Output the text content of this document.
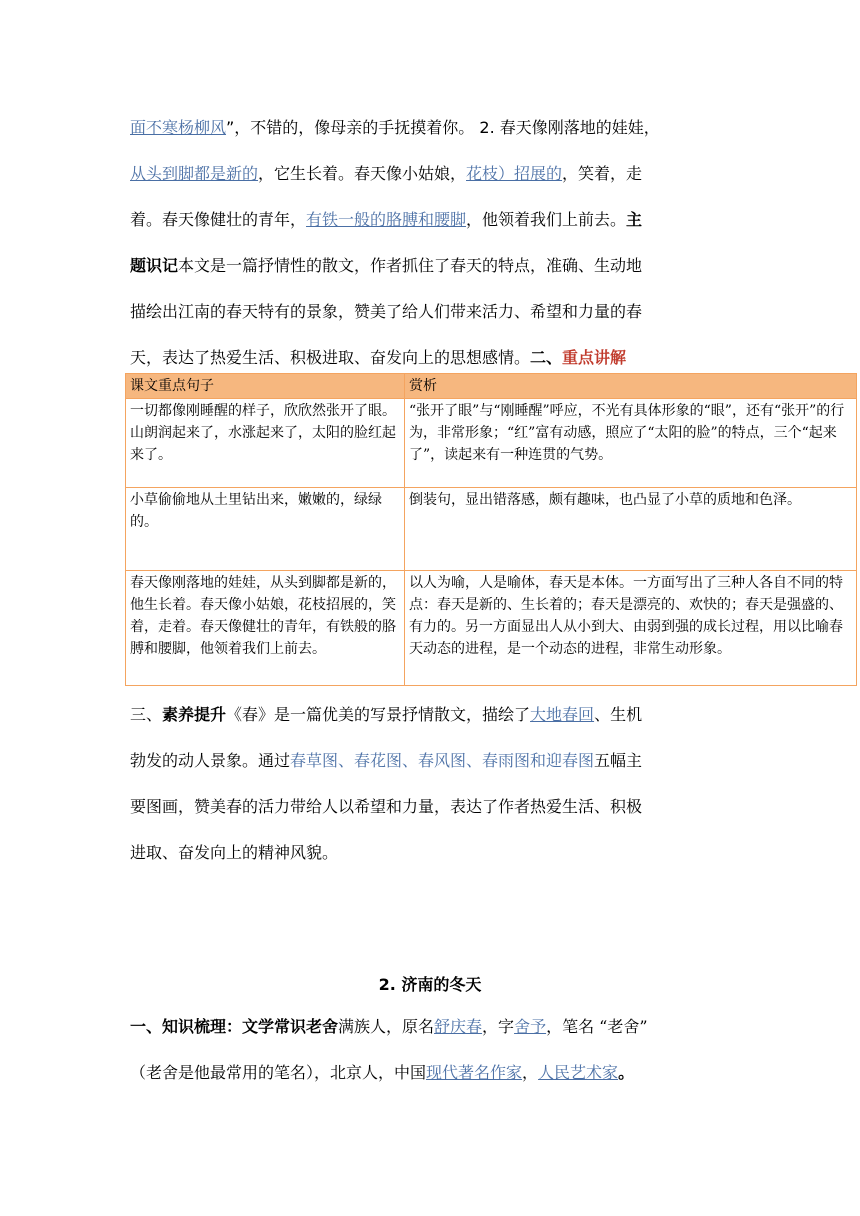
面不寒杨柳风”，不错的，像母亲的手抚摸着你。 2. 春天像刚落地的娃娃，
从头到脚都是新的，它生长着。春天像小姑娘，花枝）招展的，笑着，走
着。春天像健壮的青年，有铁一般的胳膊和腰脚，他领着我们上前去。主
题识记本文是一篇抒情性的散文，作者抓住了春天的特点，准确、生动地
描绘出江南的春天特有的景象，赞美了给人们带来活力、希望和力量的春
天，表达了热爱生活、积极进取、奋发向上的思想感情。二、重点讲解
课文重点句子	赏析
一切都像刚睡醒的样子，欣欣然张开了眼。山朗润起来了，水涨起来了，太阳的脸红起来了。	“张开了眼”与“刚睡醒”呼应，不光有具体形象的“眼”，还有“张开”的行为，非常形象；“红”富有动感，照应了“太阳的脸”的特点，三个“起来了”，读起来有一种连贯的气势。
小草偷偷地从土里钻出来，嫩嫩的，绿绿的。	倒装句，显出错落感，颇有趣味，也凸显了小草的质地和色泽。
春天像刚落地的娃娃，从头到脚都是新的，他生长着。春天像小姑娘，花枝招展的，笑着，走着。春天像健壮的青年，有铁般的胳膊和腰脚，他领着我们上前去。	以人为喻，人是喻体，春天是本体。一方面写出了三种人各自不同的特点：春天是新的、生长着的；春天是漂亮的、欢快的；春天是强盛的、有力的。另一方面显出人从小到大、由弱到强的成长过程，用以比喻春天动态的进程，是一个动态的进程，非常生动形象。
三、素养提升《春》是一篇优美的写景抒情散文，描绘了大地春回、生机
勃发的动人景象。通过春草图、春花图、春风图、春雨图和迎春图五幅主
要图画，赞美春的活力带给人以希望和力量，表达了作者热爱生活、积极
进取、奋发向上的精神风貌。
2. 济南的冬天
一、知识梳理：文学常识老舍满族人，原名舒庆春，字舍予，笔名 “老舍”
（老舍是他最常用的笔名），北京人，中国现代著名作家，人民艺术家。
